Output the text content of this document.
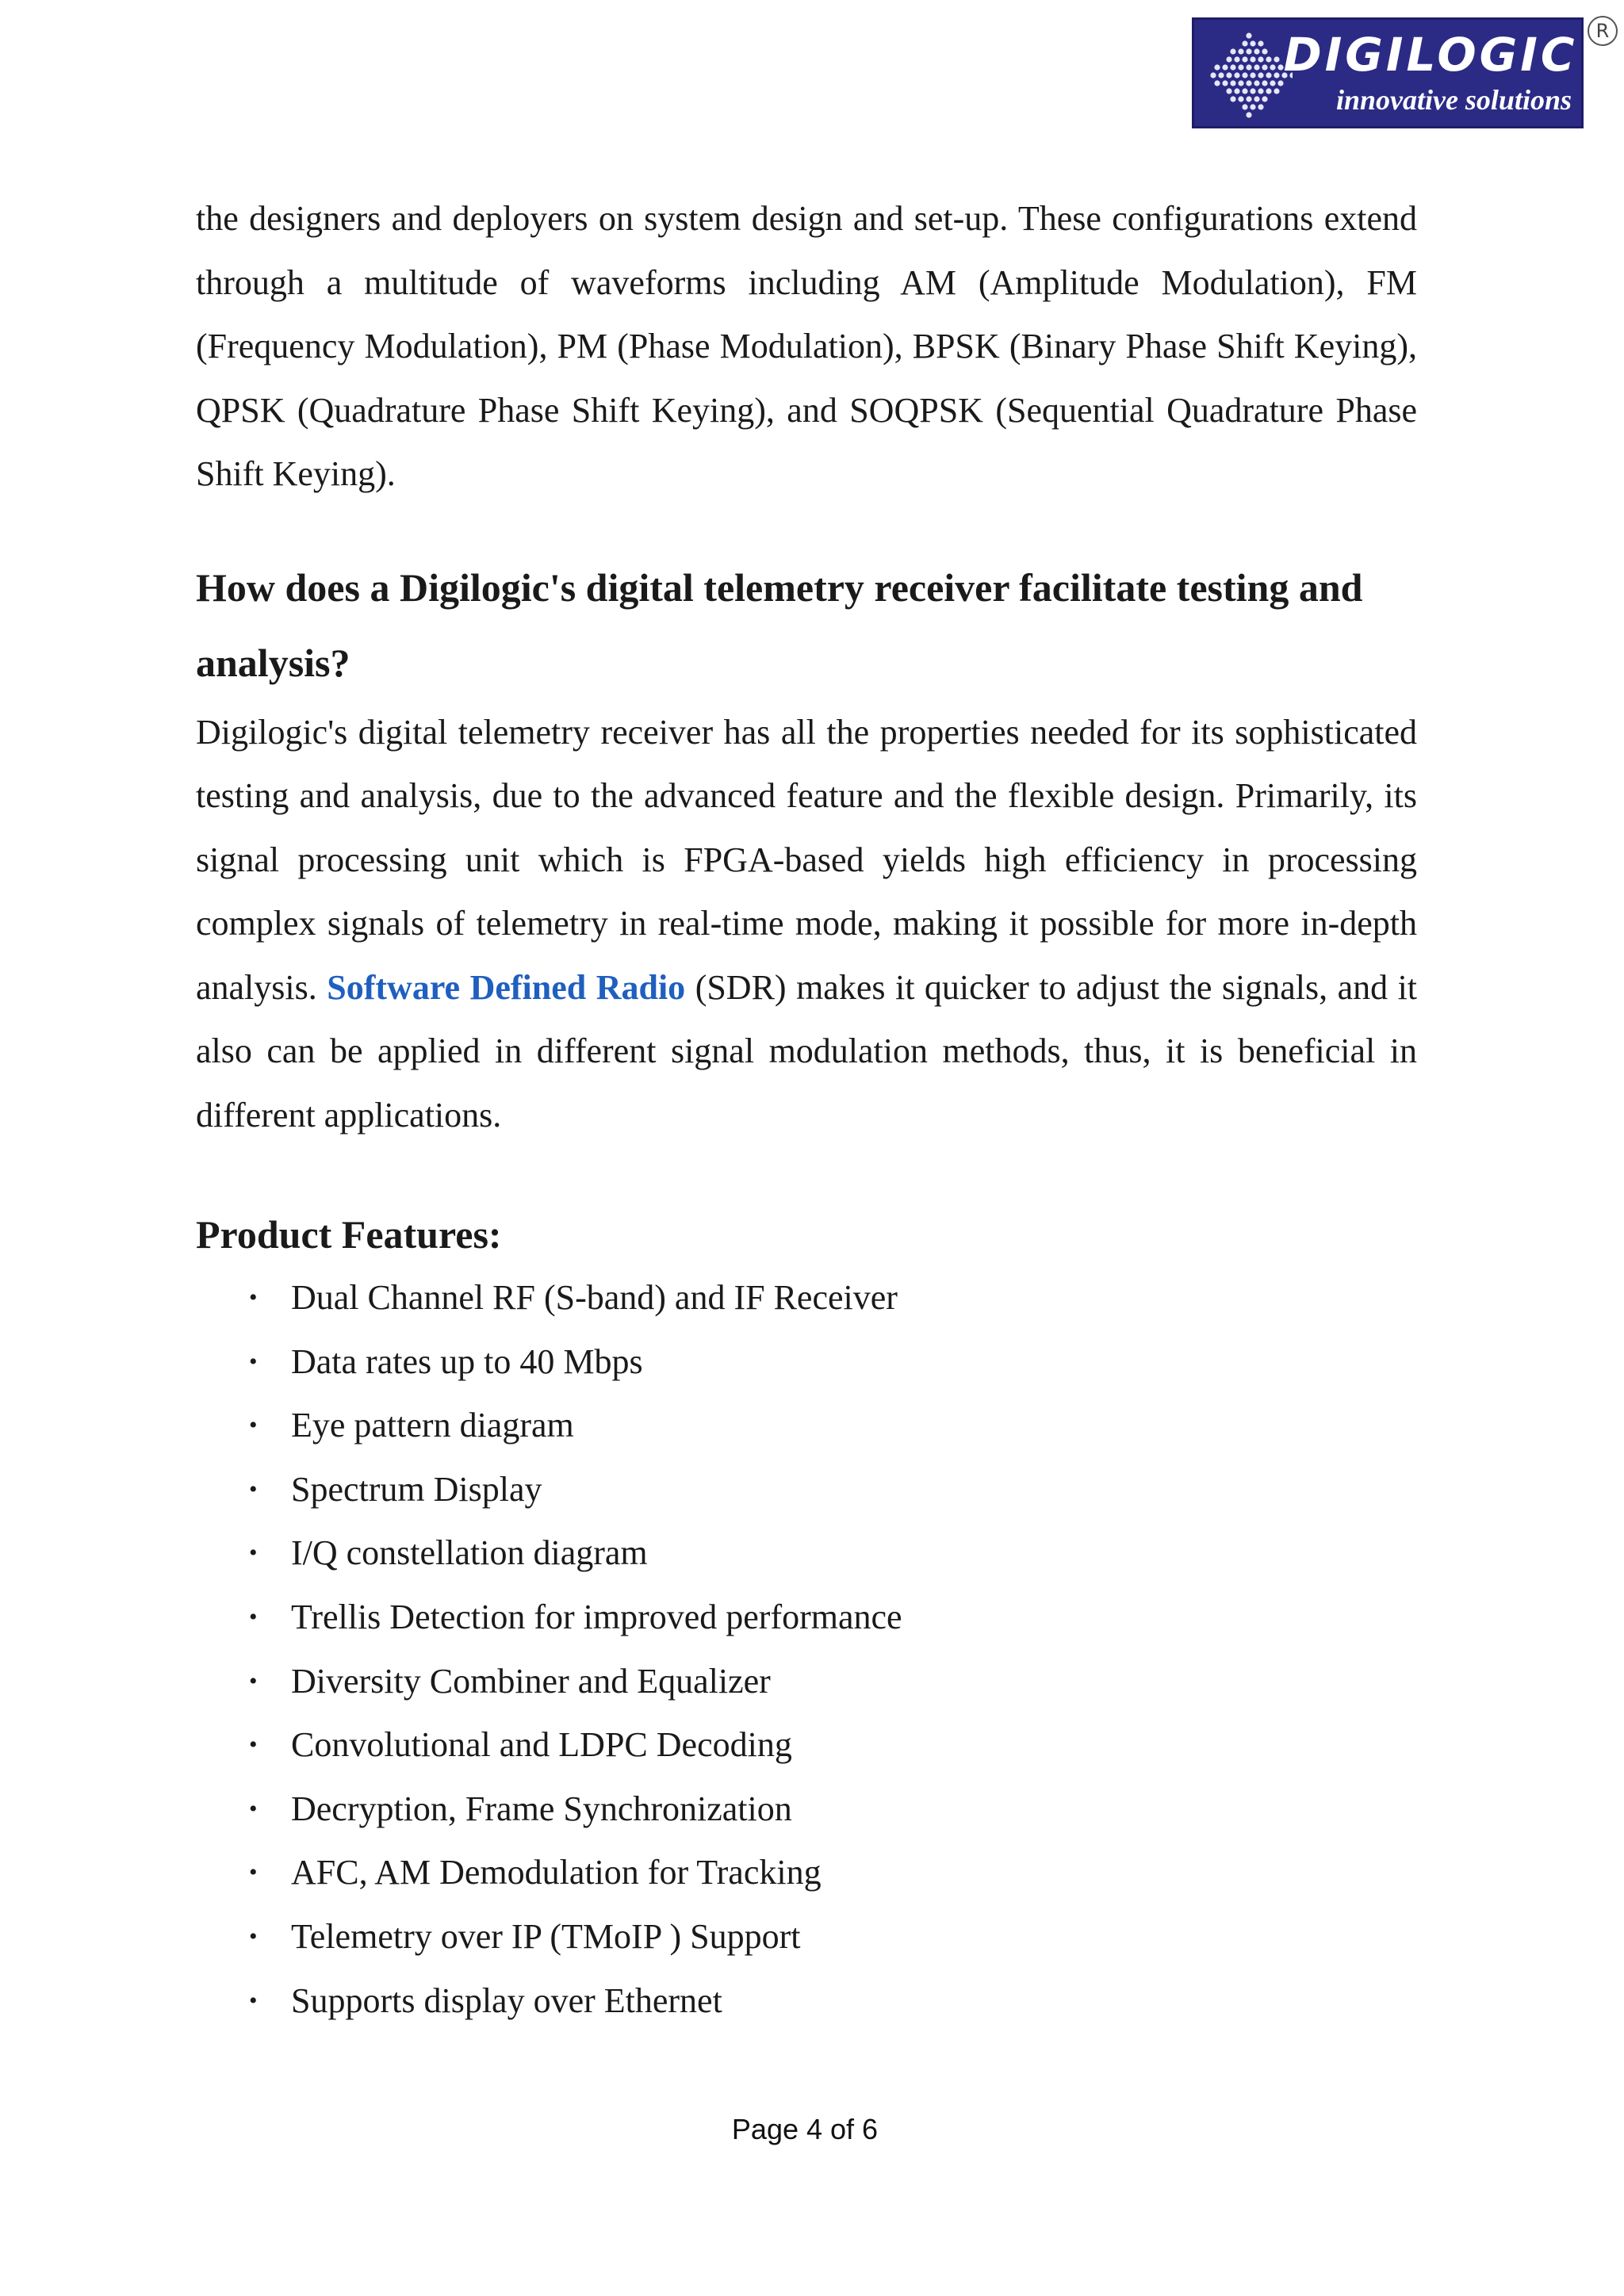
DIGILOGIC
innovative solutions
R

the designers and deployers on system design and set-up. These configurations extend through a multitude of waveforms including AM (Amplitude Modulation), FM (Frequency Modulation), PM (Phase Modulation), BPSK (Binary Phase Shift Keying), QPSK (Quadrature Phase Shift Keying), and SOQPSK (Sequential Quadrature Phase Shift Keying).

How does a Digilogic's digital telemetry receiver facilitate testing and analysis?

Digilogic's digital telemetry receiver has all the properties needed for its sophisticated testing and analysis, due to the advanced feature and the flexible design. Primarily, its signal processing unit which is FPGA-based yields high efficiency in processing complex signals of telemetry in real-time mode, making it possible for more in-depth analysis. Software Defined Radio (SDR) makes it quicker to adjust the signals, and it also can be applied in different signal modulation methods, thus, it is beneficial in different applications.

Product Features:
• Dual Channel RF (S-band) and IF Receiver
• Data rates up to 40 Mbps
• Eye pattern diagram
• Spectrum Display
• I/Q constellation diagram
• Trellis Detection for improved performance
• Diversity Combiner and Equalizer
• Convolutional and LDPC Decoding
• Decryption, Frame Synchronization
• AFC, AM Demodulation for Tracking
• Telemetry over IP (TMoIP ) Support
• Supports display over Ethernet
Page 4 of 6
